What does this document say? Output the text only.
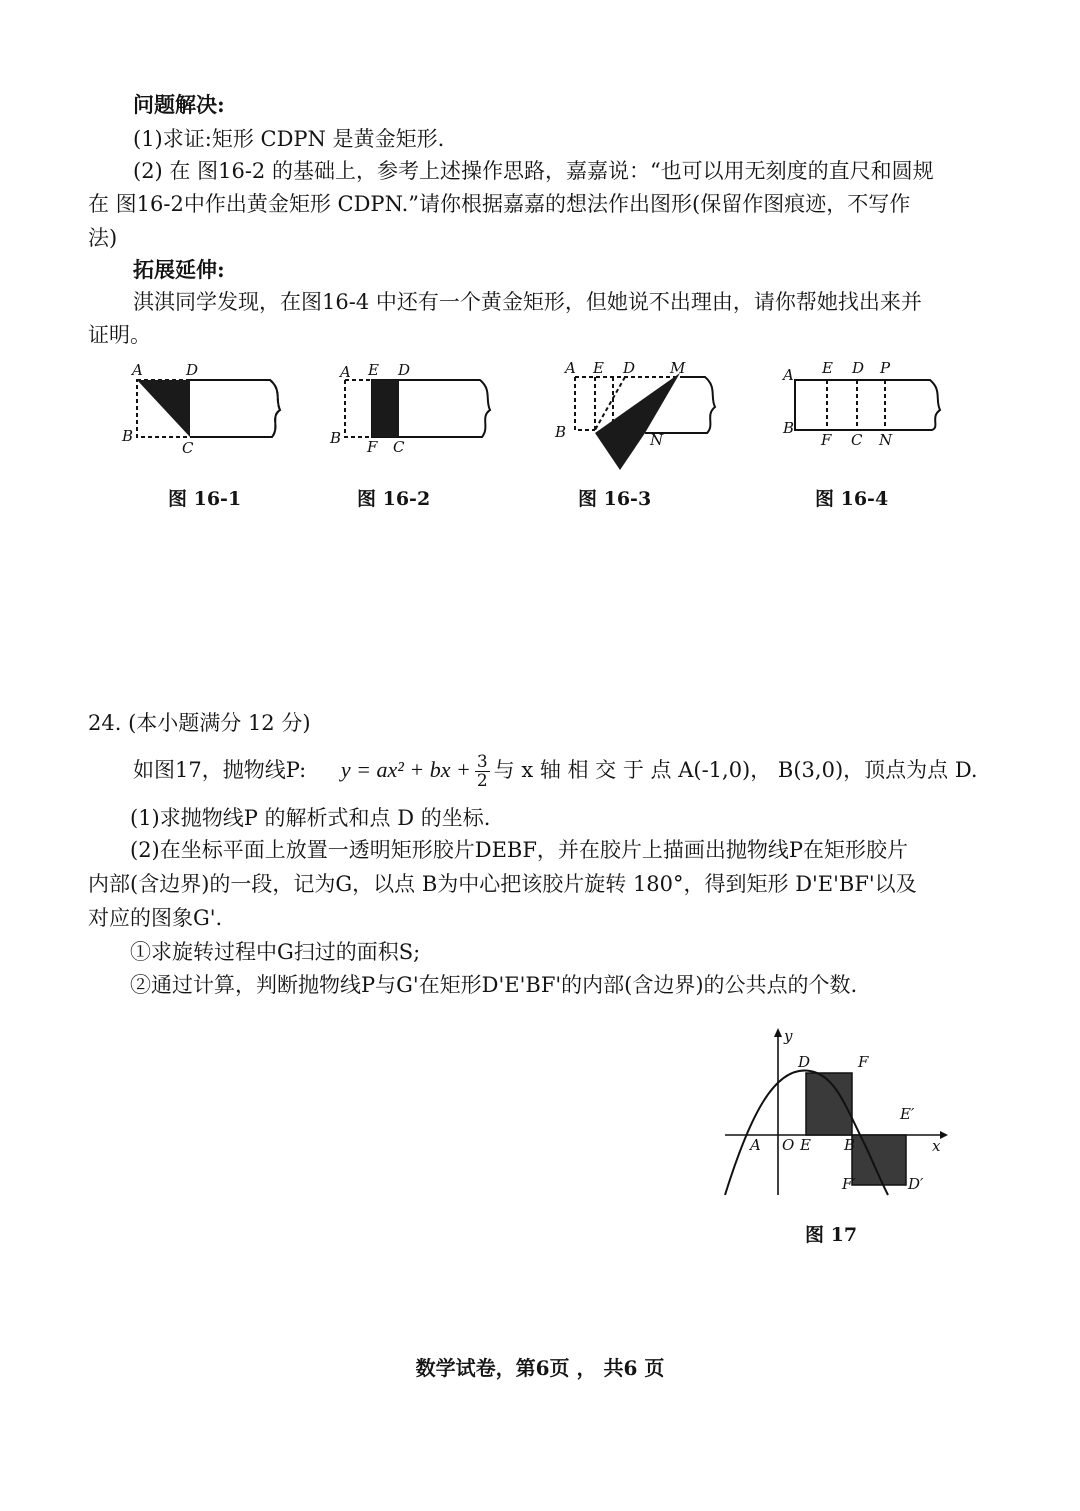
问题解决:
(1)求证:矩形 CDPN 是黄金矩形.
(2) 在 图16-2 的基础上，参考上述操作思路，嘉嘉说：“也可以用无刻度的直尺和圆规
在 图16-2中作出黄金矩形 CDPN.”请你根据嘉嘉的想法作出图形(保留作图痕迹，不写作
法)
拓展延伸:
淇淇同学发现，在图16-4 中还有一个黄金矩形，但她说不出理由，请你帮她找出来并
证明。
A	D
B
C
图 16-1
A E D
B F C
图 16-2
A E D M
B	N
图 16-3
A E D P
B
F C N
图 16-4
24. (本小题满分 12 分)
如图17，抛物线P: y = ax² + bx + $\frac{3}{2}$ 与 x 轴 相 交 于 点 A(-1,0)， B(3,0)，顶点为点 D.
(1)求抛物线P 的解析式和点 D 的坐标.
(2)在坐标平面上放置一透明矩形胶片DEBF，并在胶片上描画出抛物线P在矩形胶片
内部(含边界)的一段，记为G，以点 B为中心把该胶片旋转 180°，得到矩形 D'E'BF'以及
对应的图象G'.
①求旋转过程中G扫过的面积S;
②通过计算，判断抛物线P与G'在矩形D'E'BF'的内部(含边界)的公共点的个数.
y
x
D	F
E′
A O E B
F′	D′
图 17
数学试卷，第6页 ， 共6 页
